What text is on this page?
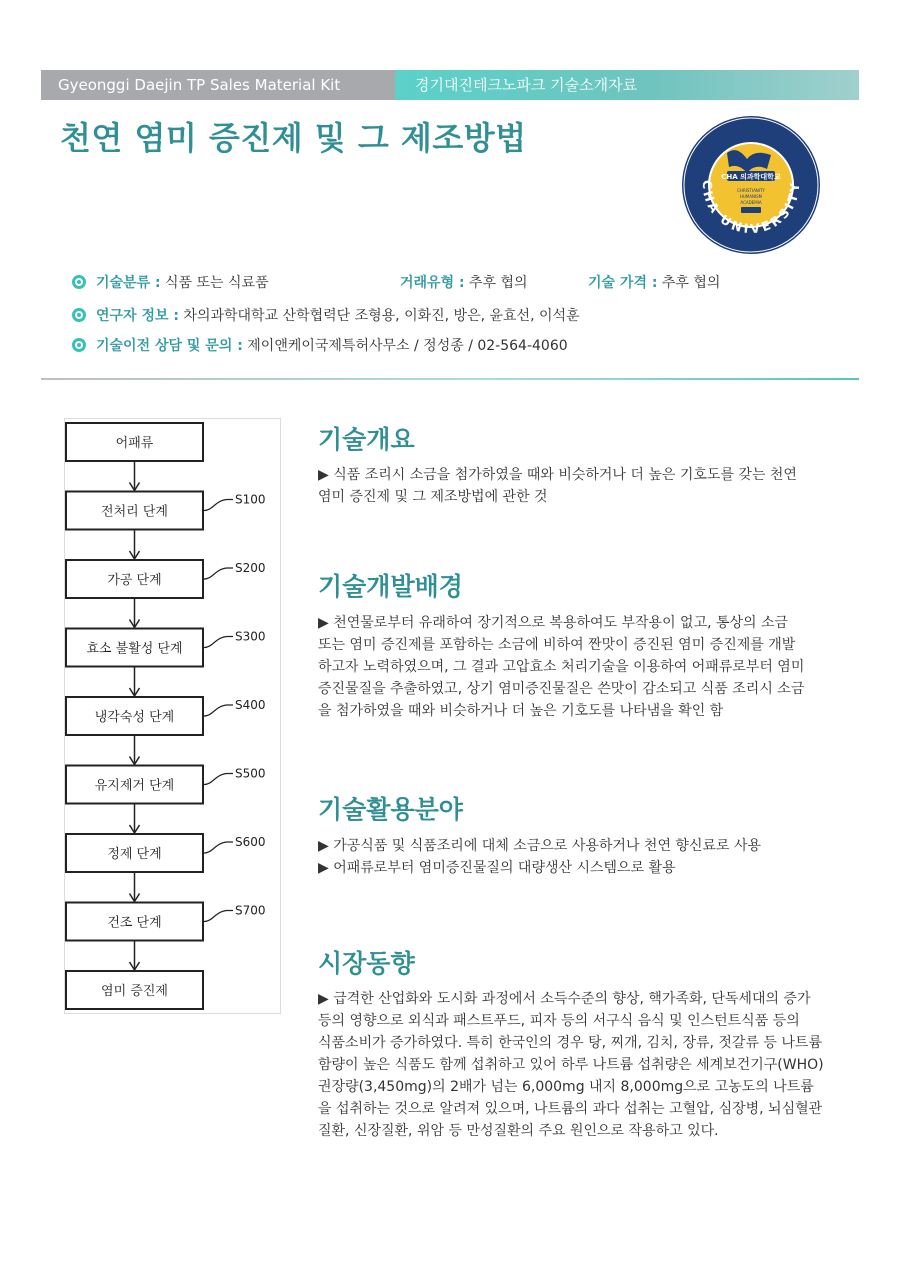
Gyeonggi Daejin TP Sales Material Kit	경기대진테크노파크 기술소개자료
천연 염미 증진제 및 그 제조방법
CHA UNIVERSITY
CHA 의과학대학교
CHRISTIANITY
HUMANISM
ACADEMIA
기술분류 : 식품 또는 식료품	거래유형 : 추후 협의	기술 가격 : 추후 협의
연구자 정보 : 차의과학대학교 산학협력단 조형용, 이화진, 방은, 윤효선, 이석훈
기술이전 상담 및 문의 : 제이앤케이국제특허사무소 / 정성종 / 02-564-4060
어패류
전처리 단계
S100
가공 단계
S200
효소 불활성 단계
S300
냉각숙성 단계
S400
유지제거 단계
S500
정제 단계
S600
건조 단계
S700
염미 증진제
기술개요

▶ 식품 조리시 소금을 첨가하였을 때와 비슷하거나 더 높은 기호도를 갖는 천연

염미 증진제 및 그 제조방법에 관한 것

기술개발배경

▶ 천연물로부터 유래하여 장기적으로 복용하여도 부작용이 없고, 통상의 소금

또는 염미 증진제를 포함하는 소금에 비하여 짠맛이 증진된 염미 증진제를 개발

하고자 노력하였으며, 그 결과 고압효소 처리기술을 이용하여 어패류로부터 염미

증진물질을 추출하였고, 상기 염미증진물질은 쓴맛이 감소되고 식품 조리시 소금

을 첨가하였을 때와 비슷하거나 더 높은 기호도를 나타냄을 확인 함

기술활용분야

▶ 가공식품 및 식품조리에 대체 소금으로 사용하거나 천연 향신료로 사용

▶ 어패류로부터 염미증진물질의 대량생산 시스템으로 활용

시장동향

▶ 급격한 산업화와 도시화 과정에서 소득수준의 향상, 핵가족화, 단독세대의 증가

등의 영향으로 외식과 패스트푸드, 피자 등의 서구식 음식 및 인스턴트식품 등의

식품소비가 증가하였다. 특히 한국인의 경우 탕, 찌개, 김치, 장류, 젓갈류 등 나트륨

함량이 높은 식품도 함께 섭취하고 있어 하루 나트륨 섭취량은 세계보건기구(WHO)

권장량(3,450mg)의 2배가 넘는 6,000mg 내지 8,000mg으로 고농도의 나트륨

을 섭취하는 것으로 알려져 있으며, 나트륨의 과다 섭취는 고혈압, 심장병, 뇌심혈관

질환, 신장질환, 위암 등 만성질환의 주요 원인으로 작용하고 있다.
